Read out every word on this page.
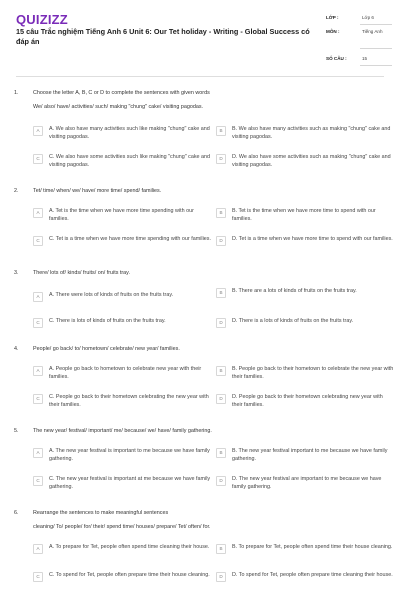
QUIZIZZ
15 câu Trắc nghiệm Tiếng Anh 6 Unit 6: Our Tet holiday - Writing - Global Success có đáp án
LỚP :	Lớp 6
MÔN :	Tiếng Anh
SỐ CÂU :	15
1.	Choose the letter A, B, C or D to complete the sentences with given words
We/ also/ have/ activities/ such/ making "chung" cake/ visiting pagodas.
A	A. We also have many activities such like making "chung" cake and visiting pagodas.
B	B. We also have many activities such as making "chung" cake and visiting pagodas.
C	C. We also have some activities such like making "chung" cake and visiting pagodas.
D	D. We also have some activities such as making "chung" cake and visiting pagodas.
2.	Tet/ time/ when/ we/ have/ more time/ spend/ families.
A	A. Tet is the time when we have more time spending with our families.
B	B. Tet is the time when we have more time to spend with our families.
C	C. Tet is a time when we have more time spending with our families.	D	D. Tet is a time when we have more time to spend with our families.
3.	There/ lots of/ kinds/ fruits/ on/ fruits tray.
A	A. There were lots of kinds of fruits on the fruits tray.	B	B. There are a lots of kinds of fruits on the fruits tray.
C	C. There is lots of kinds of fruits on the fruits tray.	D	D. There is a lots of kinds of fruits on the fruits tray.
4.	People/ go back/ to/ hometown/ celebrate/ new year/ families.
A	A. People go back to hometown to celebrate new year with their families.
B	B. People go back to their hometown to celebrate the new year with their families.
C	C. People go back to their hometown celebrating the new year with their families.
D	D. People go back to their hometown celebrating new year with their families.
5.	The new year/ festival/ important/ me/ because/ we/ have/ family gathering.
A	A. The new year festival is important to me because we have family gathering.
B	B. The new year festival important to me because we have family gathering.
C	C. The new year festival is important at me because we have family gathering.
D	D. The new year festival are important to me because we have family gathering.
6.	Rearrange the sentences to make meaningful sentences
cleaning/ To/ people/ for/ their/ spend time/ houses/ prepare/ Tet/ often/ for.
A	A. To prepare for Tet, people often spend time cleaning their house.	B	B. To prepare for Tet, people often spend time their house cleaning.
C	C. To spend for Tet, people often prepare time their house cleaning.	D	D. To spend for Tet, people often prepare time cleaning their house.
